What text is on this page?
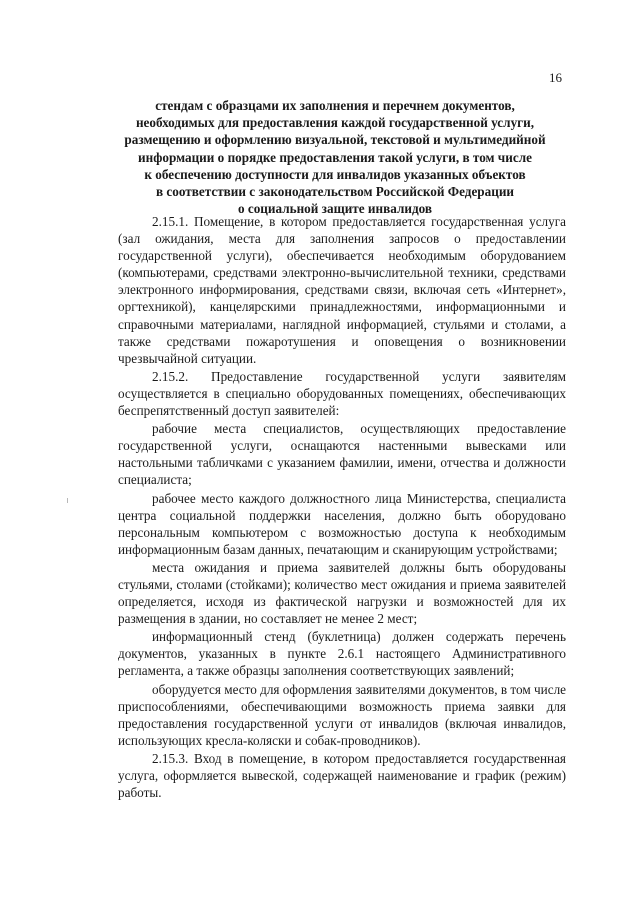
16
стендам с образцами их заполнения и перечнем документов,
необходимых для предоставления каждой государственной услуги,
размещению и оформлению визуальной, текстовой и мультимедийной
информации о порядке предоставления такой услуги, в том числе
к обеспечению доступности для инвалидов указанных объектов
в соответствии с законодательством Российской Федерации
о социальной защите инвалидов

2.15.1. Помещение, в котором предоставляется государственная услуга (зал ожидания, места для заполнения запросов о предоставлении государственной услуги), обеспечивается необходимым оборудованием (компьютерами, средствами электронно-вычислительной техники, средствами электронного информирования, средствами связи, включая сеть «Интернет», оргтехникой), канцелярскими принадлежностями, информационными и справочными материалами, наглядной информацией, стульями и столами, а также средствами пожаротушения и оповещения о возникновении чрезвычайной ситуации.

2.15.2. Предоставление государственной услуги заявителям осуществляется в специально оборудованных помещениях, обеспечивающих беспрепятственный доступ заявителей:

рабочие места специалистов, осуществляющих предоставление государственной услуги, оснащаются настенными вывесками или настольными табличками с указанием фамилии, имени, отчества и должности специалиста;

рабочее место каждого должностного лица Министерства, специалиста центра социальной поддержки населения, должно быть оборудовано персональным компьютером с возможностью доступа к необходимым информационным базам данных, печатающим и сканирующим устройствами;

места ожидания и приема заявителей должны быть оборудованы стульями, столами (стойками); количество мест ожидания и приема заявителей определяется, исходя из фактической нагрузки и возможностей для их размещения в здании, но составляет не менее 2 мест;

информационный стенд (буклетница) должен содержать перечень документов, указанных в пункте 2.6.1 настоящего Административного регламента, а также образцы заполнения соответствующих заявлений;

оборудуется место для оформления заявителями документов, в том числе приспособлениями, обеспечивающими возможность приема заявки для предоставления государственной услуги от инвалидов (включая инвалидов, использующих кресла-коляски и собак-проводников).

2.15.3. Вход в помещение, в котором предоставляется государственная услуга, оформляется вывеской, содержащей наименование и график (режим) работы.
